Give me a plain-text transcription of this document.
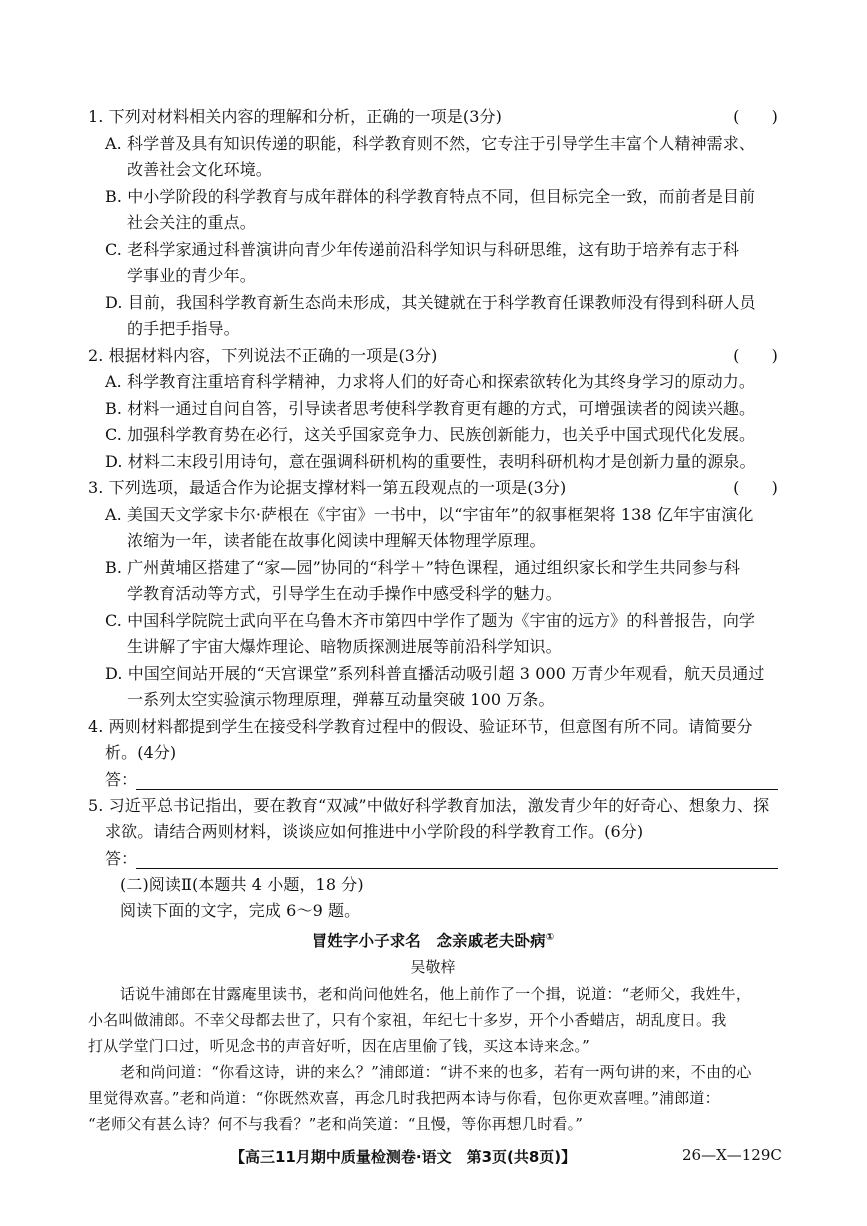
1. 下列对材料相关内容的理解和分析，正确的一项是(3分)	(　　)
A. 科学普及具有知识传递的职能，科学教育则不然，它专注于引导学生丰富个人精神需求、
改善社会文化环境。
B. 中小学阶段的科学教育与成年群体的科学教育特点不同，但目标完全一致，而前者是目前
社会关注的重点。
C. 老科学家通过科普演讲向青少年传递前沿科学知识与科研思维，这有助于培养有志于科
学事业的青少年。
D. 目前，我国科学教育新生态尚未形成，其关键就在于科学教育任课教师没有得到科研人员
的手把手指导。
2. 根据材料内容，下列说法不正确的一项是(3分)	(　　)
A. 科学教育注重培育科学精神，力求将人们的好奇心和探索欲转化为其终身学习的原动力。
B. 材料一通过自问自答，引导读者思考使科学教育更有趣的方式，可增强读者的阅读兴趣。
C. 加强科学教育势在必行，这关乎国家竞争力、民族创新能力，也关乎中国式现代化发展。
D. 材料二末段引用诗句，意在强调科研机构的重要性，表明科研机构才是创新力量的源泉。
3. 下列选项，最适合作为论据支撑材料一第五段观点的一项是(3分)	(　　)
A. 美国天文学家卡尔·萨根在《宇宙》一书中，以“宇宙年”的叙事框架将 138 亿年宇宙演化
浓缩为一年，读者能在故事化阅读中理解天体物理学原理。
B. 广州黄埔区搭建了“家—园”协同的“科学＋”特色课程，通过组织家长和学生共同参与科
学教育活动等方式，引导学生在动手操作中感受科学的魅力。
C. 中国科学院院士武向平在乌鲁木齐市第四中学作了题为《宇宙的远方》的科普报告，向学
生讲解了宇宙大爆炸理论、暗物质探测进展等前沿科学知识。
D. 中国空间站开展的“天宫课堂”系列科普直播活动吸引超 3 000 万青少年观看，航天员通过
一系列太空实验演示物理原理，弹幕互动量突破 100 万条。
4. 两则材料都提到学生在接受科学教育过程中的假设、验证环节，但意图有所不同。请简要分
析。(4分)
答：
5. 习近平总书记指出，要在教育“双减”中做好科学教育加法，激发青少年的好奇心、想象力、探
求欲。请结合两则材料，谈谈应如何推进中小学阶段的科学教育工作。(6分)
答：
(二)阅读Ⅱ(本题共 4 小题，18 分)
阅读下面的文字，完成 6～9 题。
冒姓字小子求名　念亲戚老夫卧病①
吴敬梓
话说牛浦郎在甘露庵里读书，老和尚问他姓名，他上前作了一个揖，说道：“老师父，我姓牛，
小名叫做浦郎。不幸父母都去世了，只有个家祖，年纪七十多岁，开个小香蜡店，胡乱度日。我
打从学堂门口过，听见念书的声音好听，因在店里偷了钱，买这本诗来念。”
老和尚问道：“你看这诗，讲的来么？”浦郎道：“讲不来的也多，若有一两句讲的来，不由的心
里觉得欢喜。”老和尚道：“你既然欢喜，再念几时我把两本诗与你看，包你更欢喜哩。”浦郎道：
“老师父有甚么诗？何不与我看？”老和尚笑道：“且慢，等你再想几时看。”
【高三11月期中质量检测卷·语文　第3页(共8页)】	26—X—129C
